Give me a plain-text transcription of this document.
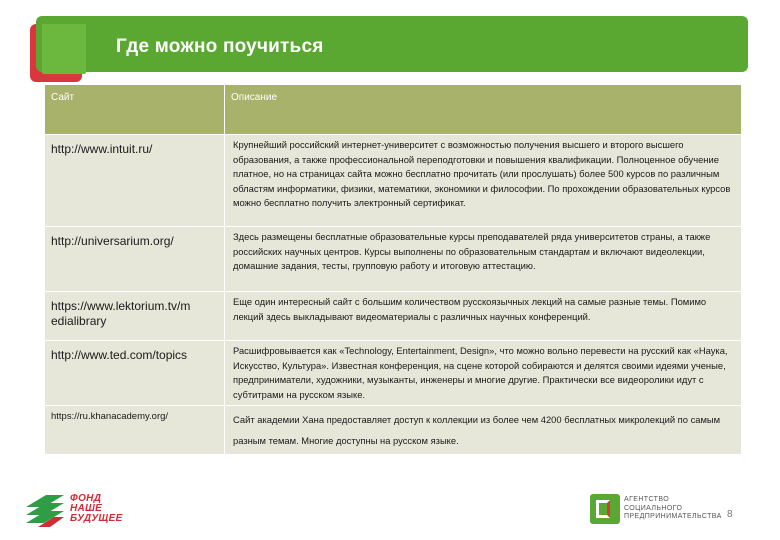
Где можно поучиться
Сайт	Описание
http://www.intuit.ru/	Крупнейший российский интернет-университет с возможностью получения высшего и второго высшего образования, а также профессиональной переподготовки и повышения квалификации. Полноценное обучение платное, но на страницах сайта можно бесплатно прочитать (или прослушать) более 500 курсов по различным областям информатики, физики, математики, экономики и философии. По прохождении образовательных курсов можно бесплатно получить электронный сертификат.
http://universarium.org/	Здесь размещены бесплатные образовательные курсы преподавателей ряда университетов страны, а также российских научных центров. Курсы выполнены по образовательным стандартам и включают видеолекции, домашние задания, тесты, групповую работу и итоговую аттестацию.
https://www.lektorium.tv/m edialibrary	Еще один интересный сайт с большим количеством русскоязычных лекций на самые разные темы. Помимо лекций здесь выкладывают видеоматериалы с различных научных конференций.
http://www.ted.com/topics	Расшифровывается как «Technology, Entertainment, Design», что можно вольно перевести на русский как «Наука, Искусство, Культура». Известная конференция, на сцене которой собираются и делятся своими идеями ученые, предприниматели, художники, музыканты, инженеры и многие другие. Практически все видеоролики идут с субтитрами на русском языке.
https://ru.khanacademy.org/	Сайт академии Хана предоставляет доступ к коллекции из более чем 4200 бесплатных микролекций по самым разным темам. Многие доступны на русском языке.
ФОНД
НАШЕ
БУДУЩЕЕ
АГЕНТСТВО
СОЦИАЛЬНОГО
ПРЕДПРИНИМАТЕЛЬСТВА 8
